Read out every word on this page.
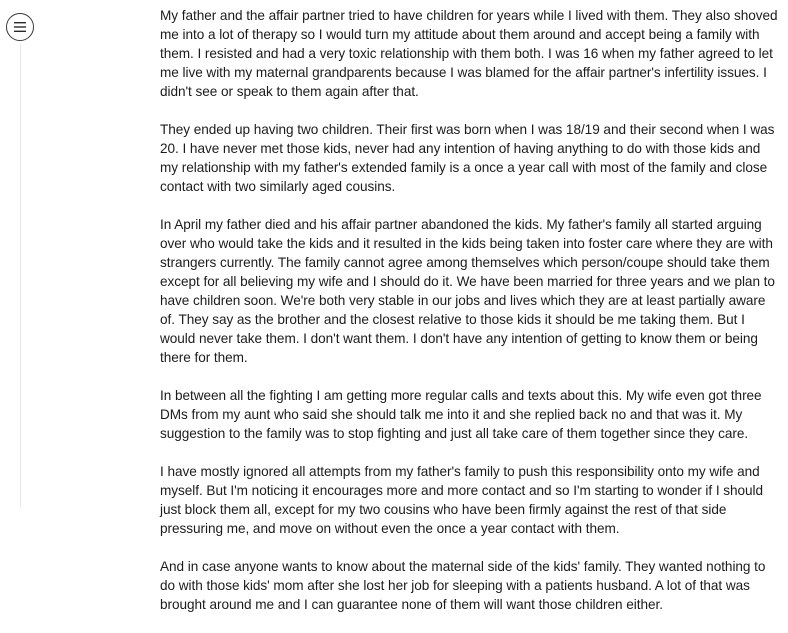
My father and the affair partner tried to have children for years while I lived with them. They also shoved me into a lot of therapy so I would turn my attitude about them around and accept being a family with them. I resisted and had a very toxic relationship with them both. I was 16 when my father agreed to let me live with my maternal grandparents because I was blamed for the affair partner's infertility issues. I didn't see or speak to them again after that.

They ended up having two children. Their first was born when I was 18/19 and their second when I was 20. I have never met those kids, never had any intention of having anything to do with those kids and my relationship with my father's extended family is a once a year call with most of the family and close contact with two similarly aged cousins.

In April my father died and his affair partner abandoned the kids. My father's family all started arguing over who would take the kids and it resulted in the kids being taken into foster care where they are with strangers currently. The family cannot agree among themselves which person/coupe should take them except for all believing my wife and I should do it. We have been married for three years and we plan to have children soon. We're both very stable in our jobs and lives which they are at least partially aware of. They say as the brother and the closest relative to those kids it should be me taking them. But I would never take them. I don't want them. I don't have any intention of getting to know them or being there for them.

In between all the fighting I am getting more regular calls and texts about this. My wife even got three DMs from my aunt who said she should talk me into it and she replied back no and that was it. My suggestion to the family was to stop fighting and just all take care of them together since they care.

I have mostly ignored all attempts from my father's family to push this responsibility onto my wife and myself. But I'm noticing it encourages more and more contact and so I'm starting to wonder if I should just block them all, except for my two cousins who have been firmly against the rest of that side pressuring me, and move on without even the once a year contact with them.

And in case anyone wants to know about the maternal side of the kids' family. They wanted nothing to do with those kids' mom after she lost her job for sleeping with a patients husband. A lot of that was brought around me and I can guarantee none of them will want those children either.
